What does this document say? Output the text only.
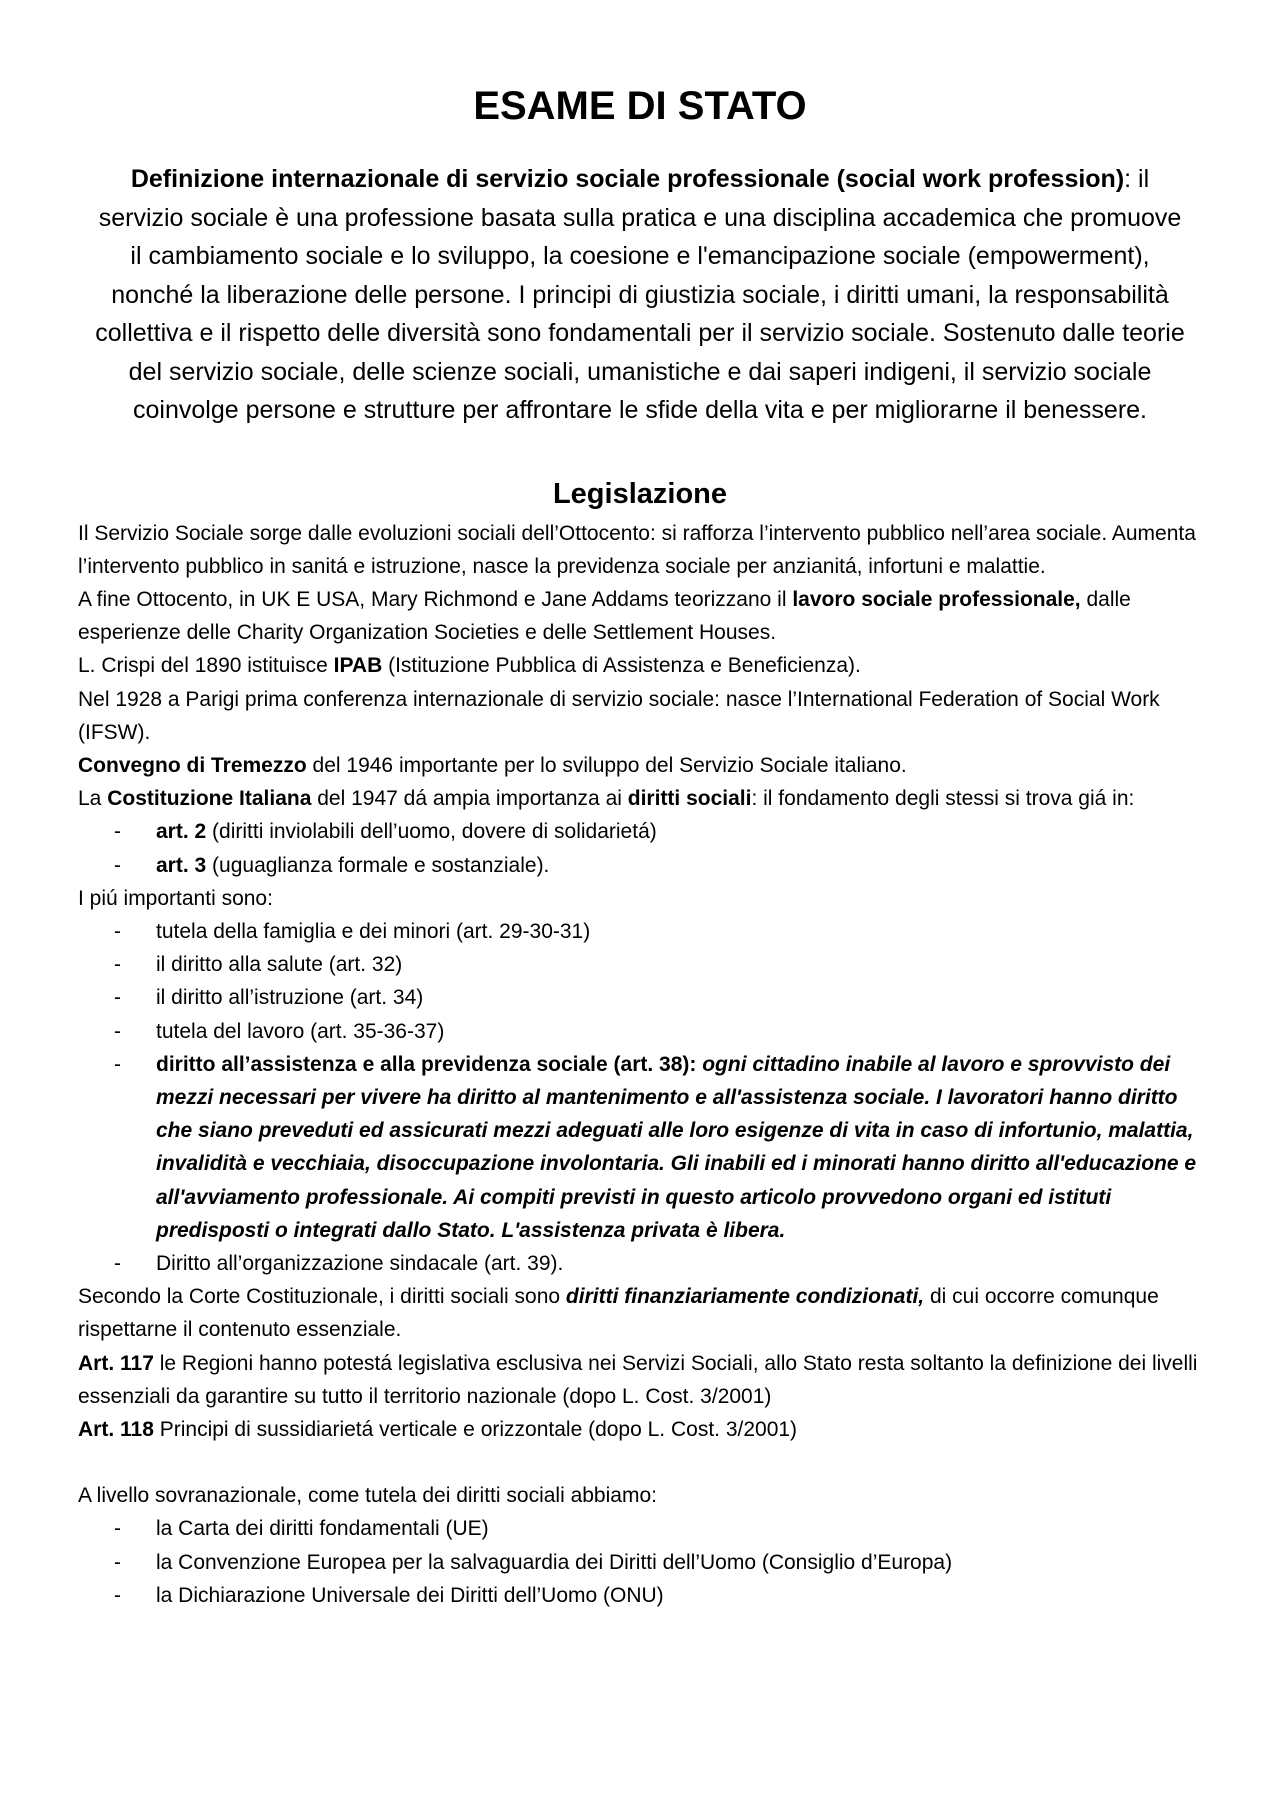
ESAME DI STATO

Definizione internazionale di servizio sociale professionale (social work profession): il servizio sociale è una professione basata sulla pratica e una disciplina accademica che promuove il cambiamento sociale e lo sviluppo, la coesione e l'emancipazione sociale (empowerment), nonché la liberazione delle persone. I principi di giustizia sociale, i diritti umani, la responsabilità collettiva e il rispetto delle diversità sono fondamentali per il servizio sociale. Sostenuto dalle teorie del servizio sociale, delle scienze sociali, umanistiche e dai saperi indigeni, il servizio sociale coinvolge persone e strutture per affrontare le sfide della vita e per migliorarne il benessere.

Legislazione

Il Servizio Sociale sorge dalle evoluzioni sociali dell’Ottocento: si rafforza l’intervento pubblico nell’area sociale. Aumenta l’intervento pubblico in sanitá e istruzione, nasce la previdenza sociale per anzianitá, infortuni e malattie.

A fine Ottocento, in UK E USA, Mary Richmond e Jane Addams teorizzano il lavoro sociale professionale, dalle esperienze delle Charity Organization Societies e delle Settlement Houses.

L. Crispi del 1890 istituisce IPAB (Istituzione Pubblica di Assistenza e Beneficienza).

Nel 1928 a Parigi prima conferenza internazionale di servizio sociale: nasce l’International Federation of Social Work (IFSW).

Convegno di Tremezzo del 1946 importante per lo sviluppo del Servizio Sociale italiano.

La Costituzione Italiana del 1947 dá ampia importanza ai diritti sociali: il fondamento degli stessi si trova giá in:

- art. 2 (diritti inviolabili dell’uomo, dovere di solidarietá)
- art. 3 (uguaglianza formale e sostanziale).

I piú importanti sono:

- tutela della famiglia e dei minori (art. 29-30-31)
- il diritto alla salute (art. 32)
- il diritto all’istruzione (art. 34)
- tutela del lavoro (art. 35-36-37)
- diritto all’assistenza e alla previdenza sociale (art. 38): ogni cittadino inabile al lavoro e sprovvisto dei mezzi necessari per vivere ha diritto al mantenimento e all'assistenza sociale. I lavoratori hanno diritto che siano preveduti ed assicurati mezzi adeguati alle loro esigenze di vita in caso di infortunio, malattia, invalidità e vecchiaia, disoccupazione involontaria. Gli inabili ed i minorati hanno diritto all'educazione e all'avviamento professionale. Ai compiti previsti in questo articolo provvedono organi ed istituti predisposti o integrati dallo Stato. L'assistenza privata è libera.
- Diritto all’organizzazione sindacale (art. 39).

Secondo la Corte Costituzionale, i diritti sociali sono diritti finanziariamente condizionati, di cui occorre comunque rispettarne il contenuto essenziale.

Art. 117 le Regioni hanno potestá legislativa esclusiva nei Servizi Sociali, allo Stato resta soltanto la definizione dei livelli essenziali da garantire su tutto il territorio nazionale (dopo L. Cost. 3/2001)

Art. 118 Principi di sussidiarietá verticale e orizzontale (dopo L. Cost. 3/2001)

A livello sovranazionale, come tutela dei diritti sociali abbiamo:

- la Carta dei diritti fondamentali (UE)
- la Convenzione Europea per la salvaguardia dei Diritti dell’Uomo (Consiglio d’Europa)
- la Dichiarazione Universale dei Diritti dell’Uomo (ONU)
